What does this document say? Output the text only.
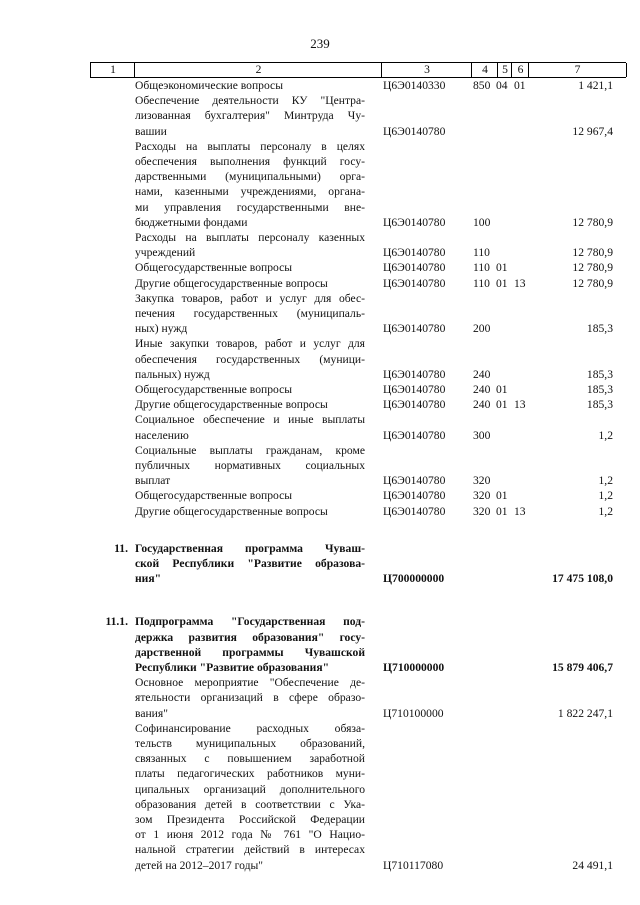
239
1	2	3	4	5 6	7
Общеэкономические вопросы	Ц6Э0140330	850 04 01	1 421,1
Обеспечение деятельности КУ "Центра-
лизованная бухгалтерия" Минтруда Чу-
вашии	Ц6Э0140780	12 967,4
Расходы на выплаты персоналу в целях
обеспечения выполнения функций госу-
дарственными (муниципальными) орга-
нами, казенными учреждениями, органа-
ми управления государственными вне-
бюджетными фондами	Ц6Э0140780	100	12 780,9
Расходы на выплаты персоналу казенных
учреждений	Ц6Э0140780	110	12 780,9
Общегосударственные вопросы	Ц6Э0140780	110 01	12 780,9
Другие общегосударственные вопросы	Ц6Э0140780	110 01 13	12 780,9
Закупка товаров, работ и услуг для обес-
печения государственных (муниципаль-
ных) нужд	Ц6Э0140780	200	185,3
Иные закупки товаров, работ и услуг для
обеспечения государственных (муници-
пальных) нужд	Ц6Э0140780	240	185,3
Общегосударственные вопросы	Ц6Э0140780	240 01	185,3
Другие общегосударственные вопросы	Ц6Э0140780	240 01 13	185,3
Социальное обеспечение и иные выплаты
населению	Ц6Э0140780	300	1,2
Социальные выплаты гражданам, кроме
публичных нормативных социальных
выплат	Ц6Э0140780	320	1,2
Общегосударственные вопросы	Ц6Э0140780	320 01	1,2
Другие общегосударственные вопросы	Ц6Э0140780	320 01 13	1,2
11. Государственная программа Чуваш-
ской Республики "Развитие образова-
ния"	Ц700000000	17 475 108,0
11.1. Подпрограмма "Государственная под-
держка развития образования" госу-
дарственной программы Чувашской
Республики "Развитие образования"	Ц710000000	15 879 406,7
Основное мероприятие "Обеспечение де-
ятельности организаций в сфере образо-
вания"	Ц710100000	1 822 247,1
Софинансирование расходных обяза-
тельств муниципальных образований,
связанных с повышением заработной
платы педагогических работников муни-
ципальных организаций дополнительного
образования детей в соответствии с Ука-
зом Президента Российской Федерации
от 1 июня 2012 года № 761 "О Нацио-
нальной стратегии действий в интересах
детей на 2012–2017 годы"	Ц710117080	24 491,1
